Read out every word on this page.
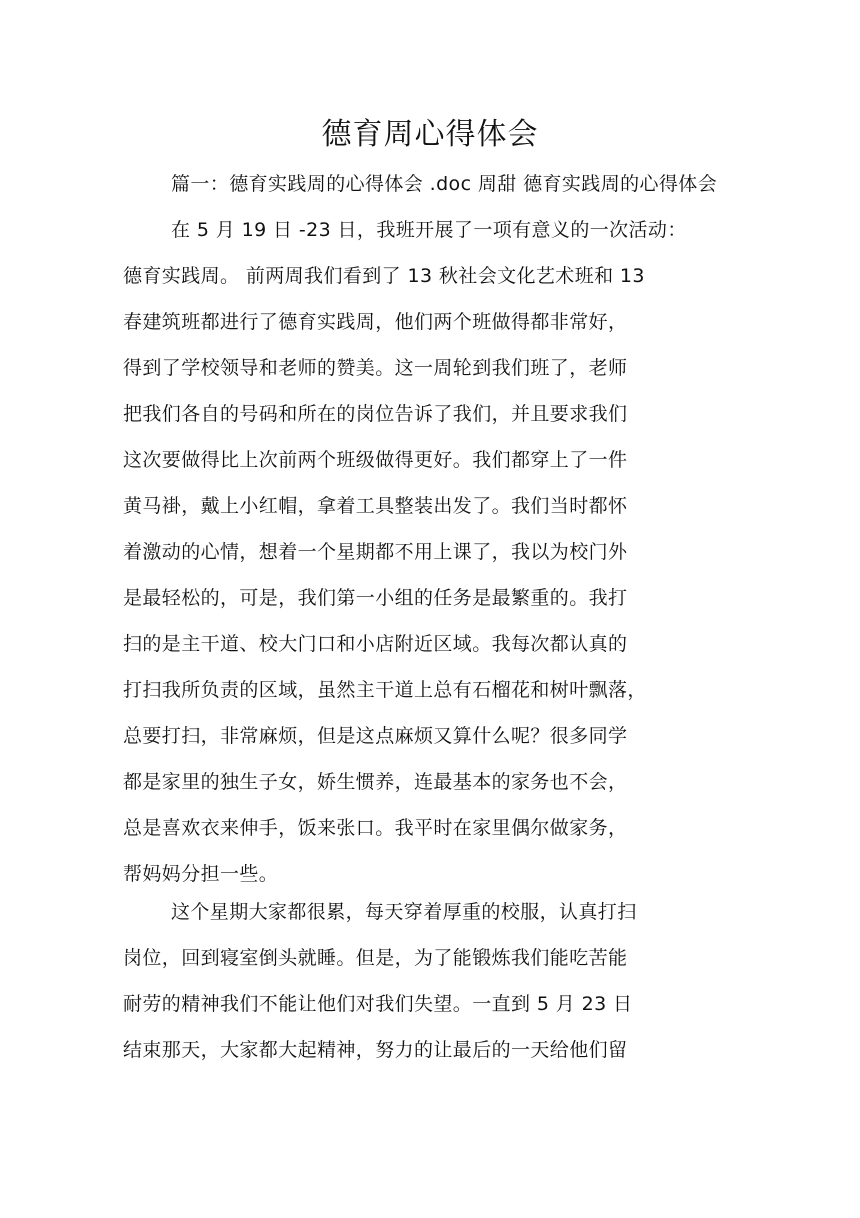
德育周心得体会
篇一：德育实践周的心得体会 .doc 周甜 德育实践周的心得体会
在 5 月 19 日 -23 日，我班开展了一项有意义的一次活动：
德育实践周。 前两周我们看到了 13 秋社会文化艺术班和 13
春建筑班都进行了德育实践周，他们两个班做得都非常好，
得到了学校领导和老师的赞美。这一周轮到我们班了，老师
把我们各自的号码和所在的岗位告诉了我们，并且要求我们
这次要做得比上次前两个班级做得更好。我们都穿上了一件
黄马褂，戴上小红帽，拿着工具整装出发了。我们当时都怀
着激动的心情，想着一个星期都不用上课了，我以为校门外
是最轻松的，可是，我们第一小组的任务是最繁重的。我打
扫的是主干道、校大门口和小店附近区域。我每次都认真的
打扫我所负责的区域，虽然主干道上总有石榴花和树叶飘落，
总要打扫，非常麻烦，但是这点麻烦又算什么呢？很多同学
都是家里的独生子女，娇生惯养，连最基本的家务也不会，
总是喜欢衣来伸手，饭来张口。我平时在家里偶尔做家务，
帮妈妈分担一些。
这个星期大家都很累，每天穿着厚重的校服，认真打扫
岗位，回到寝室倒头就睡。但是，为了能锻炼我们能吃苦能
耐劳的精神我们不能让他们对我们失望。一直到 5 月 23 日
结束那天，大家都大起精神，努力的让最后的一天给他们留
